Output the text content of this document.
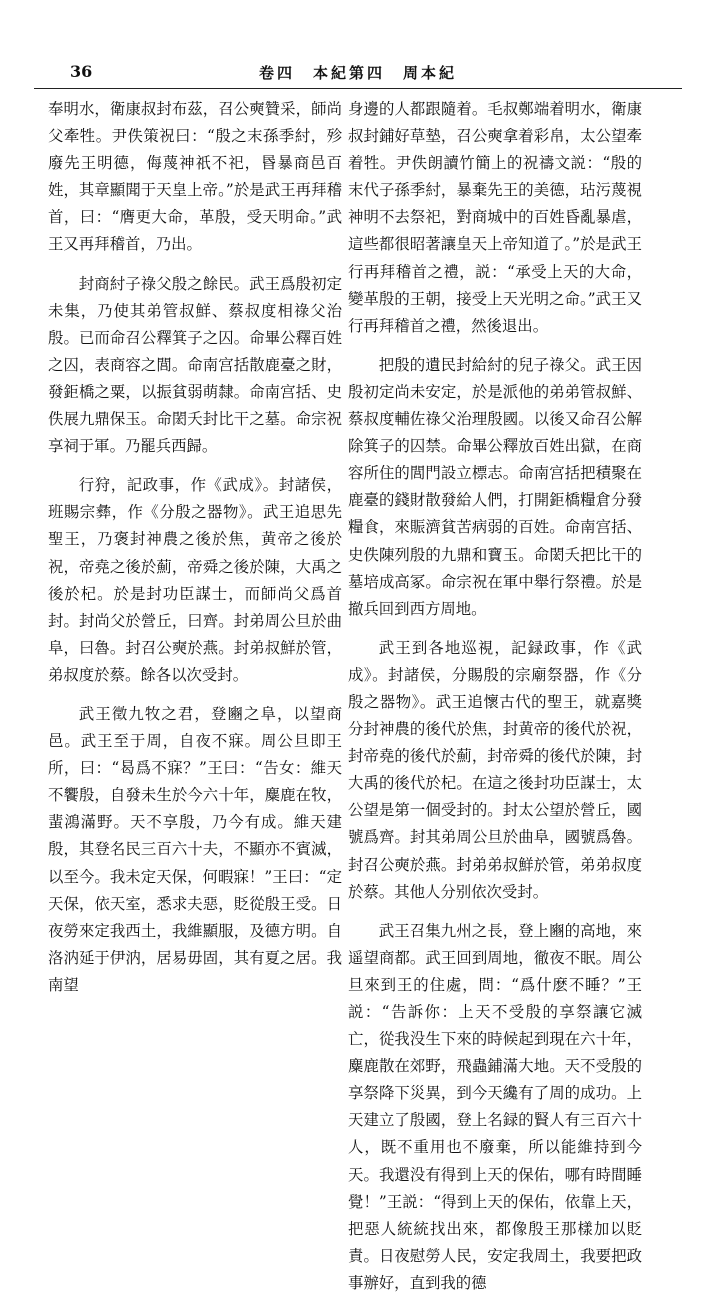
36	卷四　本紀第四　周本紀

奉明水，衛康叔封布茲，召公奭贊采，師尚父牽牲。尹佚策祝曰：“殷之末孫季紂，殄廢先王明德，侮蔑神祇不祀，昬暴商邑百姓，其章顯聞于天皇上帝。”於是武王再拜稽首，曰：“膺更大命，革殷，受天明命。”武王又再拜稽首，乃出。

封商紂子祿父殷之餘民。武王爲殷初定未集，乃使其弟管叔鮮、蔡叔度相祿父治殷。已而命召公釋箕子之囚。命畢公釋百姓之囚，表商容之閭。命南宫括散鹿臺之財，發鉅橋之粟，以振貧弱萌隸。命南宫括、史佚展九鼎保玉。命閎夭封比干之墓。命宗祝享祠于軍。乃罷兵西歸。

行狩，記政事，作《武成》。封諸侯，班賜宗彝，作《分殷之器物》。武王追思先聖王，乃褒封神農之後於焦，黄帝之後於祝，帝堯之後於薊，帝舜之後於陳，大禹之後於杞。於是封功臣謀士，而師尚父爲首封。封尚父於營丘，曰齊。封弟周公旦於曲阜，曰魯。封召公奭於燕。封弟叔鮮於管，弟叔度於蔡。餘各以次受封。

武王徵九牧之君，登豳之阜，以望商邑。武王至于周，自夜不寐。周公旦即王所，曰：“曷爲不寐？”王曰：“告女：維天不饗殷，自發未生於今六十年，麋鹿在牧，蜚鴻滿野。天不享殷，乃今有成。維天建殷，其登名民三百六十夫，不顯亦不賓滅，以至今。我未定天保，何暇寐！”王曰：“定天保，依天室，悉求夫惡，貶從殷王受。日夜勞來定我西土，我維顯服，及德方明。自洛汭延于伊汭，居易毋固，其有夏之居。我南望

身邊的人都跟隨着。毛叔鄭端着明水，衛康叔封鋪好草墊，召公奭拿着彩帛，太公望牽着牲。尹佚朗讀竹簡上的祝禱文説：“殷的末代子孫季紂，暴棄先王的美德，玷污蔑視神明不去祭祀，對商城中的百姓昏亂暴虐，這些都很昭著讓皇天上帝知道了。”於是武王行再拜稽首之禮，説：“承受上天的大命，變革殷的王朝，接受上天光明之命。”武王又行再拜稽首之禮，然後退出。

把殷的遺民封給紂的兒子祿父。武王因殷初定尚未安定，於是派他的弟弟管叔鮮、蔡叔度輔佐祿父治理殷國。以後又命召公解除箕子的囚禁。命畢公釋放百姓出獄，在商容所住的閭門設立標志。命南宫括把積聚在鹿臺的錢財散發給人們，打開鉅橋糧倉分發糧食，來賑濟貧苦病弱的百姓。命南宫括、史佚陳列殷的九鼎和寶玉。命閎夭把比干的墓培成高冢。命宗祝在軍中舉行祭禮。於是撤兵回到西方周地。

武王到各地巡視，記録政事，作《武成》。封諸侯，分賜殷的宗廟祭器，作《分殷之器物》。武王追懷古代的聖王，就嘉獎分封神農的後代於焦，封黄帝的後代於祝，封帝堯的後代於薊，封帝舜的後代於陳，封大禹的後代於杞。在這之後封功臣謀士，太公望是第一個受封的。封太公望於營丘，國號爲齊。封其弟周公旦於曲阜，國號爲魯。封召公奭於燕。封弟弟叔鮮於管，弟弟叔度於蔡。其他人分别依次受封。

武王召集九州之長，登上豳的高地，來遥望商都。武王回到周地，徹夜不眠。周公旦來到王的住處，問：“爲什麽不睡？”王説：“告訴你：上天不受殷的享祭讓它滅亡，從我没生下來的時候起到現在六十年，麋鹿散在郊野，飛蟲鋪滿大地。天不受殷的享祭降下災異，到今天纔有了周的成功。上天建立了殷國，登上名録的賢人有三百六十人，既不重用也不廢棄，所以能維持到今天。我還没有得到上天的保佑，哪有時間睡覺！”王説：“得到上天的保佑，依靠上天，把惡人統統找出來，都像殷王那樣加以貶責。日夜慰勞人民，安定我周土，我要把政事辦好，直到我的德
